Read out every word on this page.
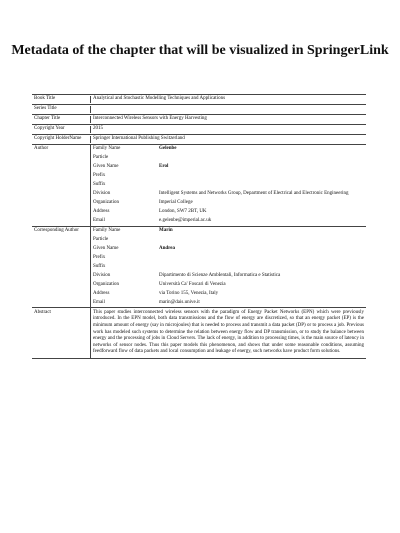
Metadata of the chapter that will be visualized in SpringerLink
Book Title	Analytical and Stochastic Modelling Techniques and Applications
Series Title

Chapter Title	Interconnected Wireless Sensors with Energy Harvesting
Copyright Year	2015
Copyright HolderName	Springer International Publishing Switzerland
Author	Family Name	Gelenbe
Particle
Given Name	Erol
Prefix
Suffix
Division	Intelligent Systems and Networks Group, Department of Electrical and Electronic Engineering
Organization	Imperial College
Address	London, SW7 2BT, UK
Email	e.gelenbe@imperial.ac.uk
Corresponding Author	Family Name	Marin
Particle
Given Name	Andrea
Prefix
Suffix
Division	Dipartimento di Scienze AmbIentali, Informatica e Statistica
Organization	Università Ca' Foscari di Venezia
Address	via Torino 155, Venezia, Italy
Email	marin@dais.unive.it
Abstract	This paper studies interconnected wireless sensors with the paradigm of Energy Packet Networks (EPN) which were previously introduced. In the EPN model, both data transmissions and the flow of energy are discretized, so that an energy packet (EP) is the minimum amount of energy (say in microjoules) that is needed to process and transmit a data packet (DP) or to process a job. Previous work has modeled such systems to determine the relation between energy flow and DP transmission, or to study the balance between energy and the processing of jobs in Cloud Servers. The lack of energy, in addition to processing times, is the main source of latency in networks of sensor nodes. Thus this paper models this phenomenon, and shows that under some reasonable conditions, assuming feedforward flow of data packets and local consumption and leakage of energy, such networks have product form solutions.
